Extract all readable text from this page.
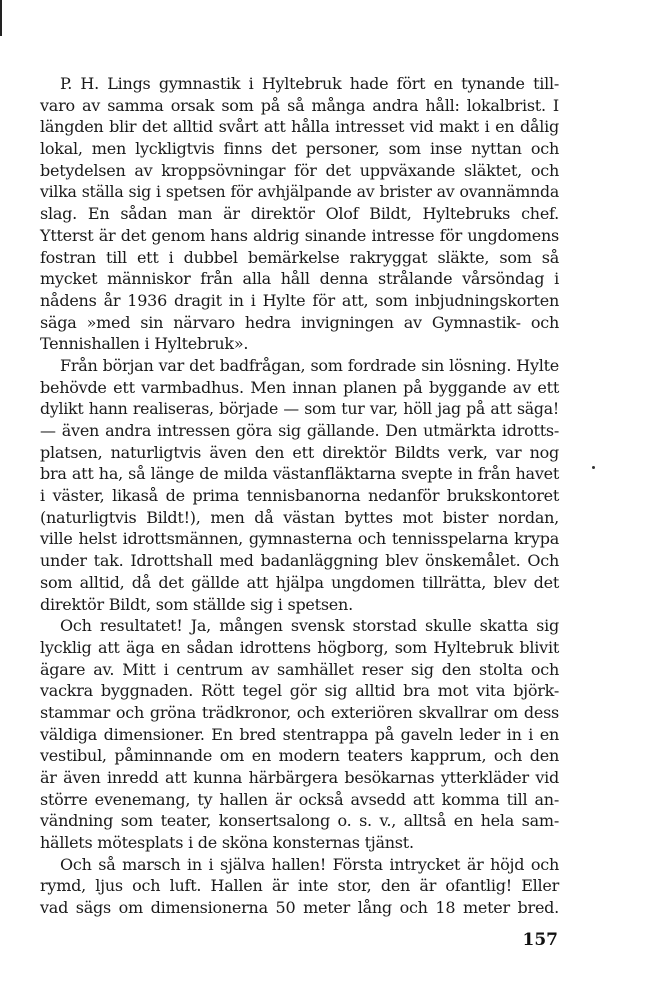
P. H. Lings gymnastik i Hyltebruk hade fört en tynande till-
varo av samma orsak som på så många andra håll: lokalbrist. I
längden blir det alltid svårt att hålla intresset vid makt i en dålig
lokal, men lyckligtvis finns det personer, som inse nyttan och
betydelsen av kroppsövningar för det uppväxande släktet, och
vilka ställa sig i spetsen för avhjälpande av brister av ovannämnda
slag. En sådan man är direktör Olof Bildt, Hyltebruks chef.
Ytterst är det genom hans aldrig sinande intresse för ungdomens
fostran till ett i dubbel bemärkelse rakryggat släkte, som så
mycket människor från alla håll denna strålande vårsöndag i
nådens år 1936 dragit in i Hylte för att, som inbjudningskorten
säga »med sin närvaro hedra invigningen av Gymnastik- och
Tennishallen i Hyltebruk».
Från början var det badfrågan, som fordrade sin lösning. Hylte
behövde ett varmbadhus. Men innan planen på byggande av ett
dylikt hann realiseras, började — som tur var, höll jag på att säga!
— även andra intressen göra sig gällande. Den utmärkta idrotts-
platsen, naturligtvis även den ett direktör Bildts verk, var nog
bra att ha, så länge de milda västanfläktarna svepte in från havet
i väster, likaså de prima tennisbanorna nedanför brukskontoret
(naturligtvis Bildt!), men då västan byttes mot bister nordan,
ville helst idrottsmännen, gymnasterna och tennisspelarna krypa
under tak. Idrottshall med badanläggning blev önskemålet. Och
som alltid, då det gällde att hjälpa ungdomen tillrätta, blev det
direktör Bildt, som ställde sig i spetsen.
Och resultatet! Ja, mången svensk storstad skulle skatta sig
lycklig att äga en sådan idrottens högborg, som Hyltebruk blivit
ägare av. Mitt i centrum av samhället reser sig den stolta och
vackra byggnaden. Rött tegel gör sig alltid bra mot vita björk-
stammar och gröna trädkronor, och exteriören skvallrar om dess
väldiga dimensioner. En bred stentrappa på gaveln leder in i en
vestibul, påminnande om en modern teaters kapprum, och den
är även inredd att kunna härbärgera besökarnas ytterkläder vid
större evenemang, ty hallen är också avsedd att komma till an-
vändning som teater, konsertsalong o. s. v., alltså en hela sam-
hällets mötesplats i de sköna konsternas tjänst.
Och så marsch in i själva hallen! Första intrycket är höjd och
rymd, ljus och luft. Hallen är inte stor, den är ofantlig! Eller
vad sägs om dimensionerna 50 meter lång och 18 meter bred.
157
